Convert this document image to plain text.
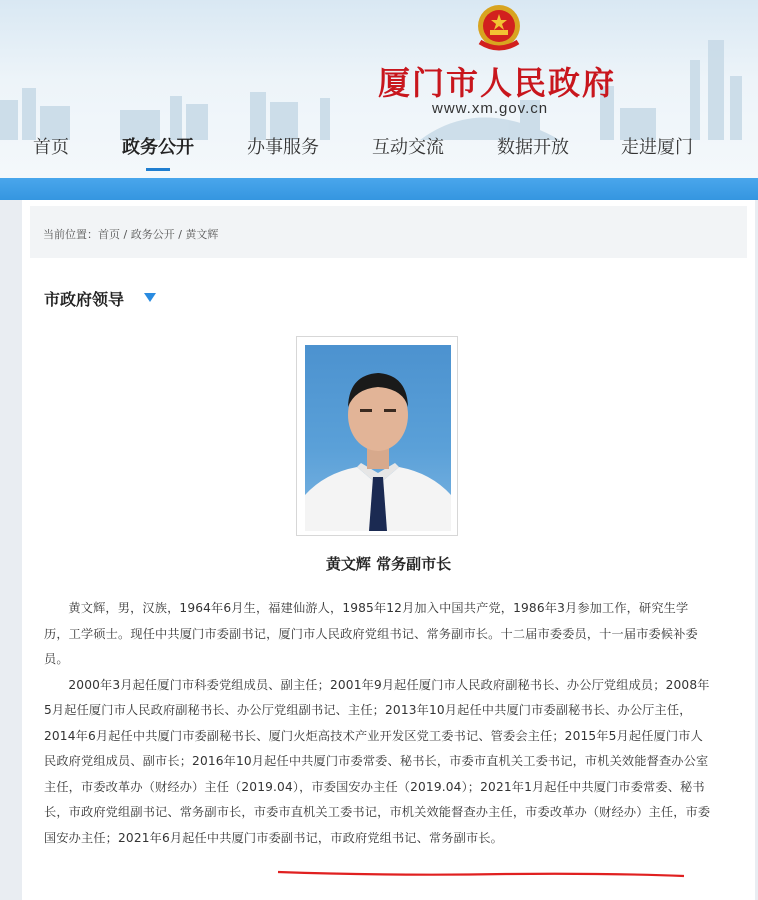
厦门市人民政府
www.xm.gov.cn
首页	政务公开	办事服务	互动交流	数据开放	走进厦门
当前位置：首页 / 政务公开 / 黄文辉
市政府领导
黄文辉 常务副市长

黄文辉，男，汉族，1964年6月生，福建仙游人，1985年12月加入中国共产党，1986年3月参加工作，研究生学历，工学硕士。现任中共厦门市委副书记，厦门市人民政府党组书记、常务副市长。十二届市委委员，十一届市委候补委员。

2000年3月起任厦门市科委党组成员、副主任；2001年9月起任厦门市人民政府副秘书长、办公厅党组成员；2008年5月起任厦门市人民政府副秘书长、办公厅党组副书记、主任；2013年10月起任中共厦门市委副秘书长、办公厅主任，2014年6月起任中共厦门市委副秘书长、厦门火炬高技术产业开发区党工委书记、管委会主任；2015年5月起任厦门市人民政府党组成员、副市长；2016年10月起任中共厦门市委常委、秘书长，市委市直机关工委书记，市机关效能督查办公室主任，市委改革办（财经办）主任（2019.04），市委国安办主任（2019.04）；2021年1月起任中共厦门市委常委、秘书长，市政府党组副书记、常务副市长，市委市直机关工委书记，市机关效能督查办主任，市委改革办（财经办）主任，市委国安办主任；2021年6月起任中共厦门市委副书记，市政府党组书记、常务副市长。
